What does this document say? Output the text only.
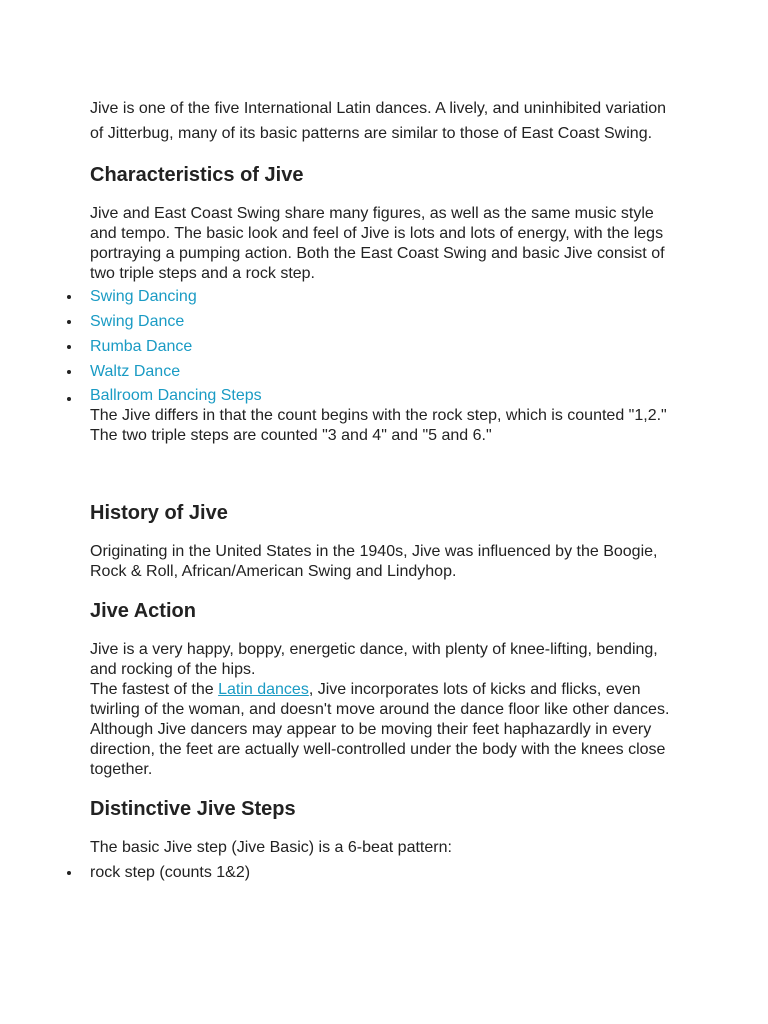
Jive is one of the five International Latin dances. A lively, and uninhibited variation of Jitterbug, many of its basic patterns are similar to those of East Coast Swing.

Characteristics of Jive

Jive and East Coast Swing share many figures, as well as the same music style and tempo. The basic look and feel of Jive is lots and lots of energy, with the legs portraying a pumping action. Both the East Coast Swing and basic Jive consist of two triple steps and a rock step.

Swing Dancing
Swing Dance
Rumba Dance
Waltz Dance
Ballroom Dancing Steps

The Jive differs in that the count begins with the rock step, which is counted "1,2." The two triple steps are counted "3 and 4" and "5 and 6."

History of Jive

Originating in the United States in the 1940s, Jive was influenced by the Boogie, Rock & Roll, African/American Swing and Lindyhop.

Jive Action

Jive is a very happy, boppy, energetic dance, with plenty of knee-lifting, bending, and rocking of the hips.

The fastest of the Latin dances, Jive incorporates lots of kicks and flicks, even twirling of the woman, and doesn't move around the dance floor like other dances. Although Jive dancers may appear to be moving their feet haphazardly in every direction, the feet are actually well-controlled under the body with the knees close together.

Distinctive Jive Steps

The basic Jive step (Jive Basic) is a 6-beat pattern:

rock step (counts 1&2)
